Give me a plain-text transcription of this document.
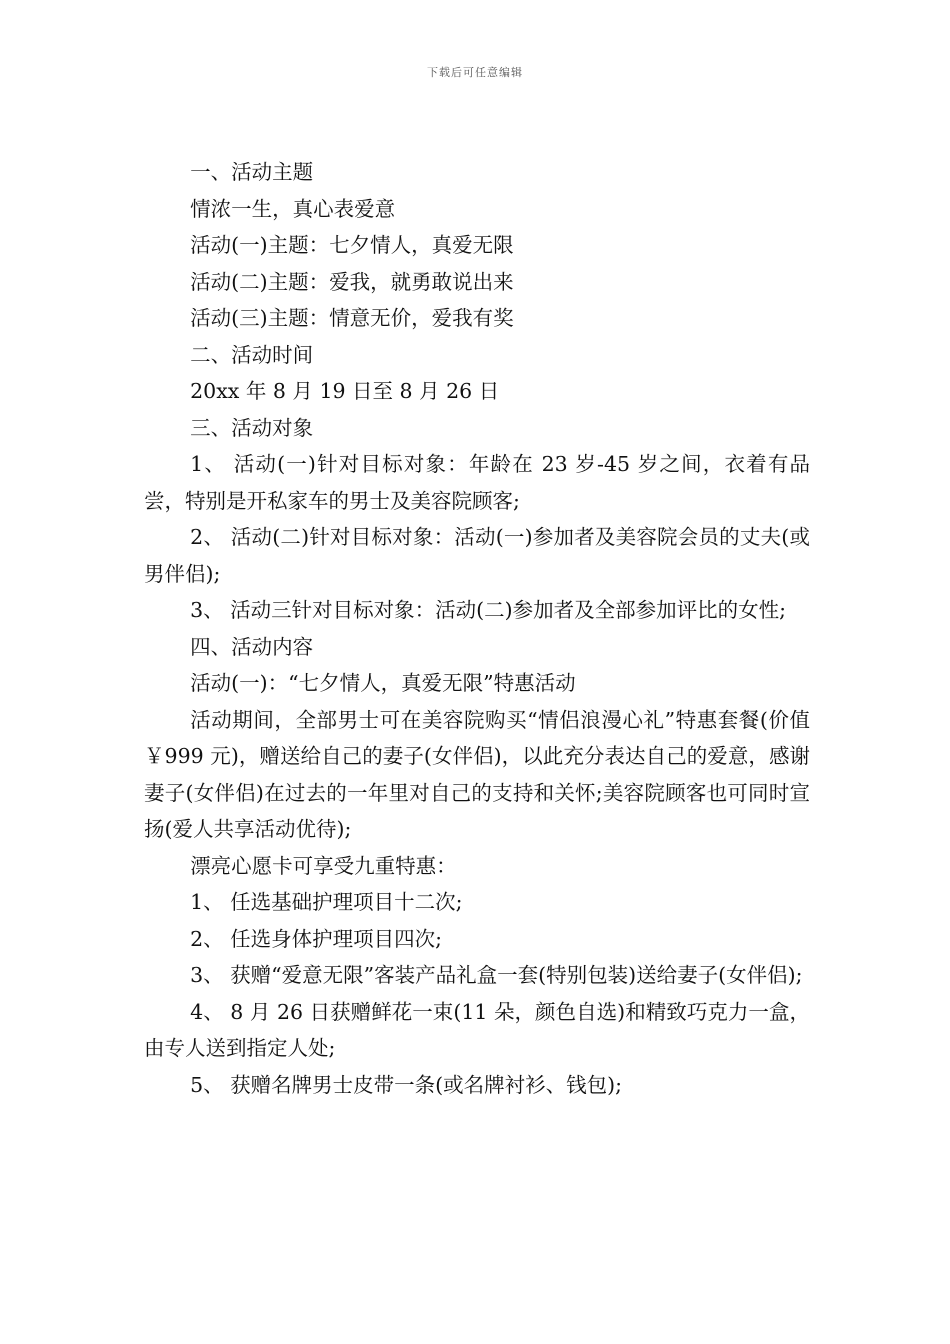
下载后可任意编辑

一、活动主题

情浓一生，真心表爱意

活动(一)主题：七夕情人，真爱无限

活动(二)主题：爱我，就勇敢说出来

活动(三)主题：情意无价，爱我有奖

二、活动时间

20xx 年 8 月 19 日至 8 月 26 日

三、活动对象

1、 活动(一)针对目标对象：年龄在 23 岁-45 岁之间，衣着有品尝，特别是开私家车的男士及美容院顾客;

2、 活动(二)针对目标对象：活动(一)参加者及美容院会员的丈夫(或男伴侣);

3、 活动三针对目标对象：活动(二)参加者及全部参加评比的女性;

四、活动内容

活动(一)：“七夕情人，真爱无限”特惠活动

活动期间，全部男士可在美容院购买“情侣浪漫心礼”特惠套餐(价值￥999 元)，赠送给自己的妻子(女伴侣)，以此充分表达自己的爱意，感谢妻子(女伴侣)在过去的一年里对自己的支持和关怀;美容院顾客也可同时宣扬(爱人共享活动优待);

漂亮心愿卡可享受九重特惠：

1、 任选基础护理项目十二次;

2、 任选身体护理项目四次;

3、 获赠“爱意无限”客装产品礼盒一套(特别包装)送给妻子(女伴侣);

4、 8 月 26 日获赠鲜花一束(11 朵，颜色自选)和精致巧克力一盒，由专人送到指定人处;

5、 获赠名牌男士皮带一条(或名牌衬衫、钱包);
